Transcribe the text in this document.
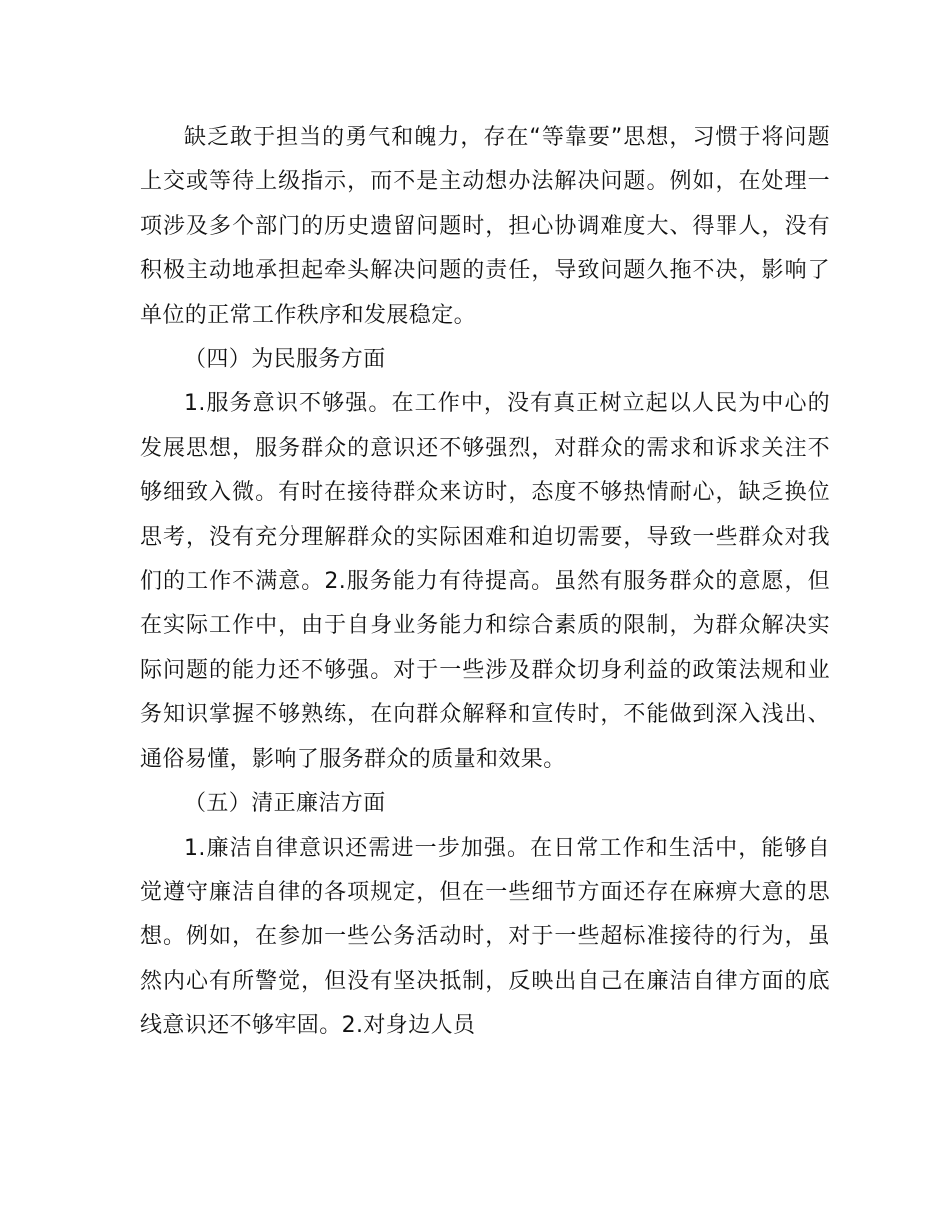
缺乏敢于担当的勇气和魄力，存在“等靠要”思想，习惯于将问题上交或等待上级指示，而不是主动想办法解决问题。例如，在处理一项涉及多个部门的历史遗留问题时，担心协调难度大、得罪人，没有积极主动地承担起牵头解决问题的责任，导致问题久拖不决，影响了单位的正常工作秩序和发展稳定。

（四）为民服务方面

1.服务意识不够强。在工作中，没有真正树立起以人民为中心的发展思想，服务群众的意识还不够强烈，对群众的需求和诉求关注不够细致入微。有时在接待群众来访时，态度不够热情耐心，缺乏换位思考，没有充分理解群众的实际困难和迫切需要，导致一些群众对我们的工作不满意。2.服务能力有待提高。虽然有服务群众的意愿，但在实际工作中，由于自身业务能力和综合素质的限制，为群众解决实际问题的能力还不够强。对于一些涉及群众切身利益的政策法规和业务知识掌握不够熟练，在向群众解释和宣传时，不能做到深入浅出、通俗易懂，影响了服务群众的质量和效果。

（五）清正廉洁方面

1.廉洁自律意识还需进一步加强。在日常工作和生活中，能够自觉遵守廉洁自律的各项规定，但在一些细节方面还存在麻痹大意的思想。例如，在参加一些公务活动时，对于一些超标准接待的行为，虽然内心有所警觉，但没有坚决抵制，反映出自己在廉洁自律方面的底线意识还不够牢固。2.对身边人员
